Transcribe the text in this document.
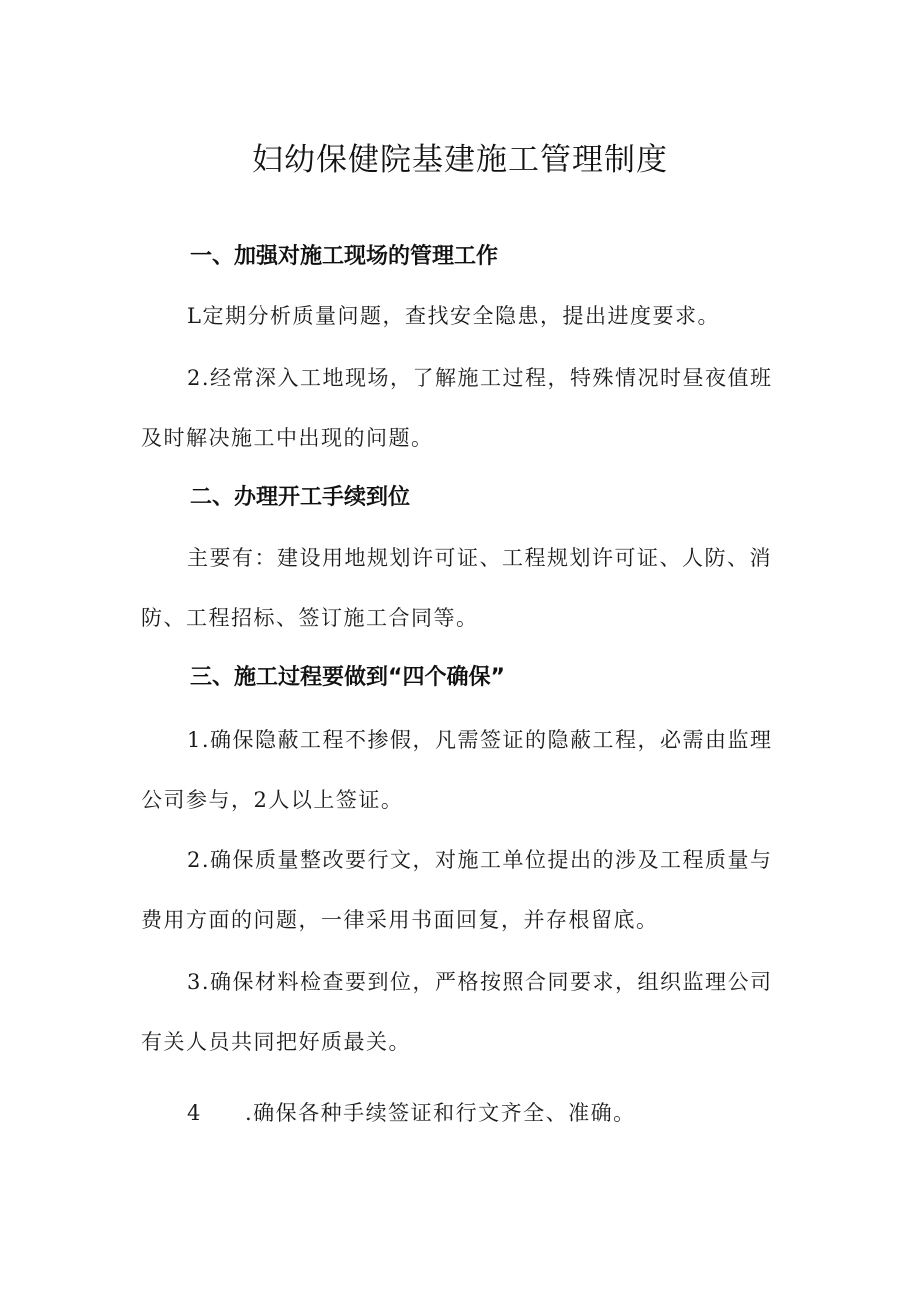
妇幼保健院基建施工管理制度
一、加强对施工现场的管理工作
L定期分析质量问题，查找安全隐患，提出进度要求。
2.经常深入工地现场，了解施工过程，特殊情况时昼夜值班及时解决施工中出现的问题。
二、办理开工手续到位
主要有：建设用地规划许可证、工程规划许可证、人防、消防、工程招标、签订施工合同等。
三、施工过程要做到“四个确保”
1.确保隐蔽工程不掺假，凡需签证的隐蔽工程，必需由监理公司参与，2人以上签证。
2.确保质量整改要行文，对施工单位提出的涉及工程质量与费用方面的问题，一律采用书面回复，并存根留底。
3.确保材料检查要到位，严格按照合同要求，组织监理公司有关人员共同把好质最关。
4 .确保各种手续签证和行文齐全、准确。
